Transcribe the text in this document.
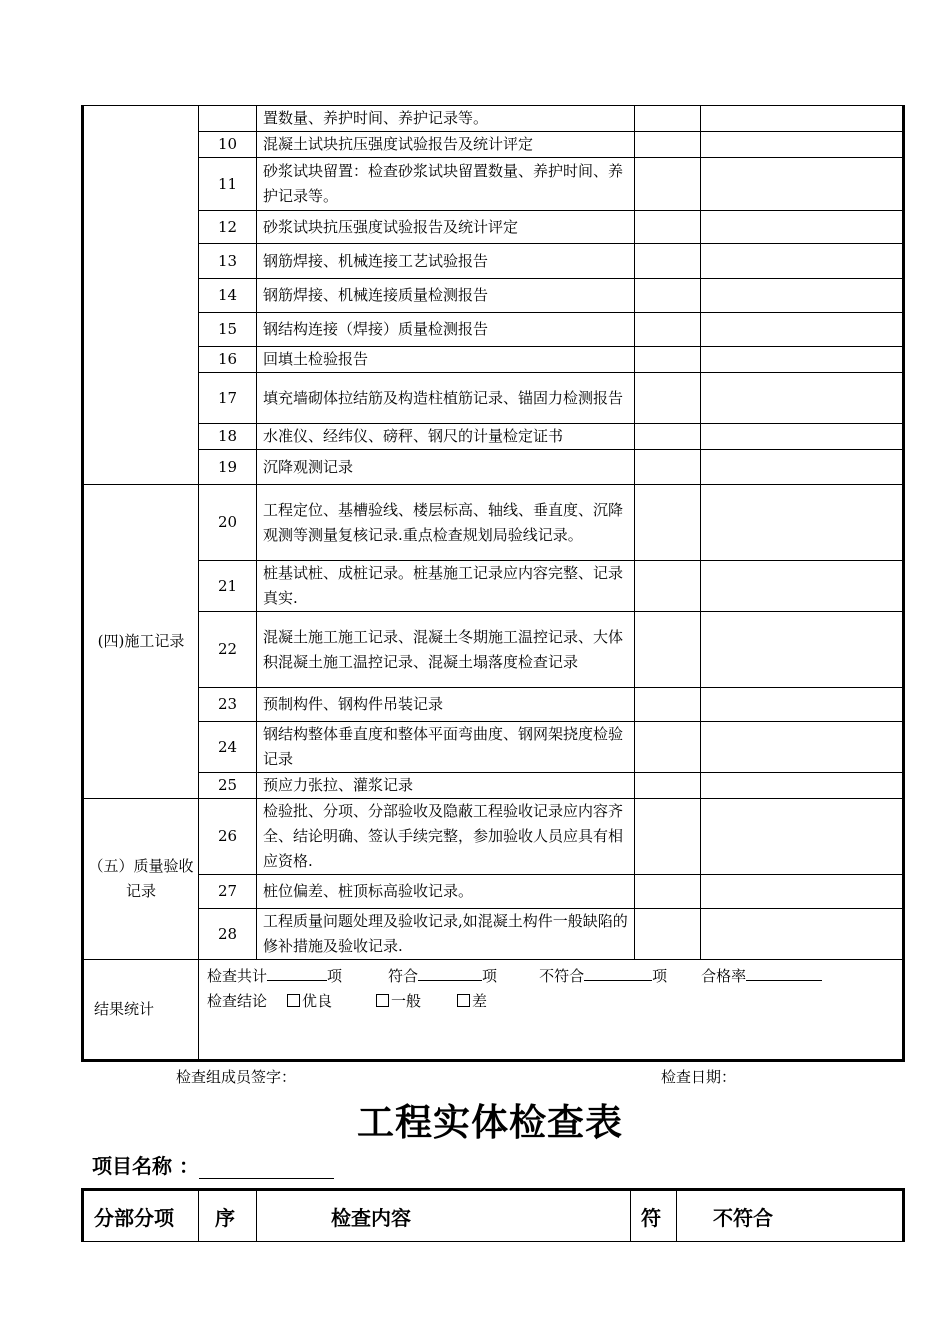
		置数量、养护时间、养护记录等。		
	10	混凝土试块抗压强度试验报告及统计评定		
	11	砂浆试块留置：检查砂浆试块留置数量、养护时间、养护记录等。		
	12	砂浆试块抗压强度试验报告及统计评定		
	13	钢筋焊接、机械连接工艺试验报告		
	14	钢筋焊接、机械连接质量检测报告		
	15	钢结构连接（焊接）质量检测报告		
	16	回填土检验报告		
	17	填充墙砌体拉结筋及构造柱植筋记录、锚固力检测报告		
	18	水准仪、经纬仪、磅秤、钢尺的计量检定证书		
	19	沉降观测记录		
(四)施工记录	20	工程定位、基槽验线、楼层标高、轴线、垂直度、沉降观测等测量复核记录.重点检查规划局验线记录。		
	21	桩基试桩、成桩记录。桩基施工记录应内容完整、记录真实.		
	22	混凝土施工施工记录、混凝土冬期施工温控记录、大体积混凝土施工温控记录、混凝土塌落度检查记录		
	23	预制构件、钢构件吊装记录		
	24	钢结构整体垂直度和整体平面弯曲度、钢网架挠度检验记录		
	25	预应力张拉、灌浆记录		
（五）质量验收记录	26	检验批、分项、分部验收及隐蔽工程验收记录应内容齐全、结论明确、签认手续完整，参加验收人员应具有相应资格.		
	27	桩位偏差、桩顶标高验收记录。		
	28	工程质量问题处理及验收记录,如混凝土构件一般缺陷的修补措施及验收记录.		
结果统计	检查共计 项 符合 项 不符合 项 合格率
检查结论 优良 一般 差			
检查组成员签字：	检查日期：
工程实体检查表
项目名称 ：
分部分项	序	检查内容	符	不符合
